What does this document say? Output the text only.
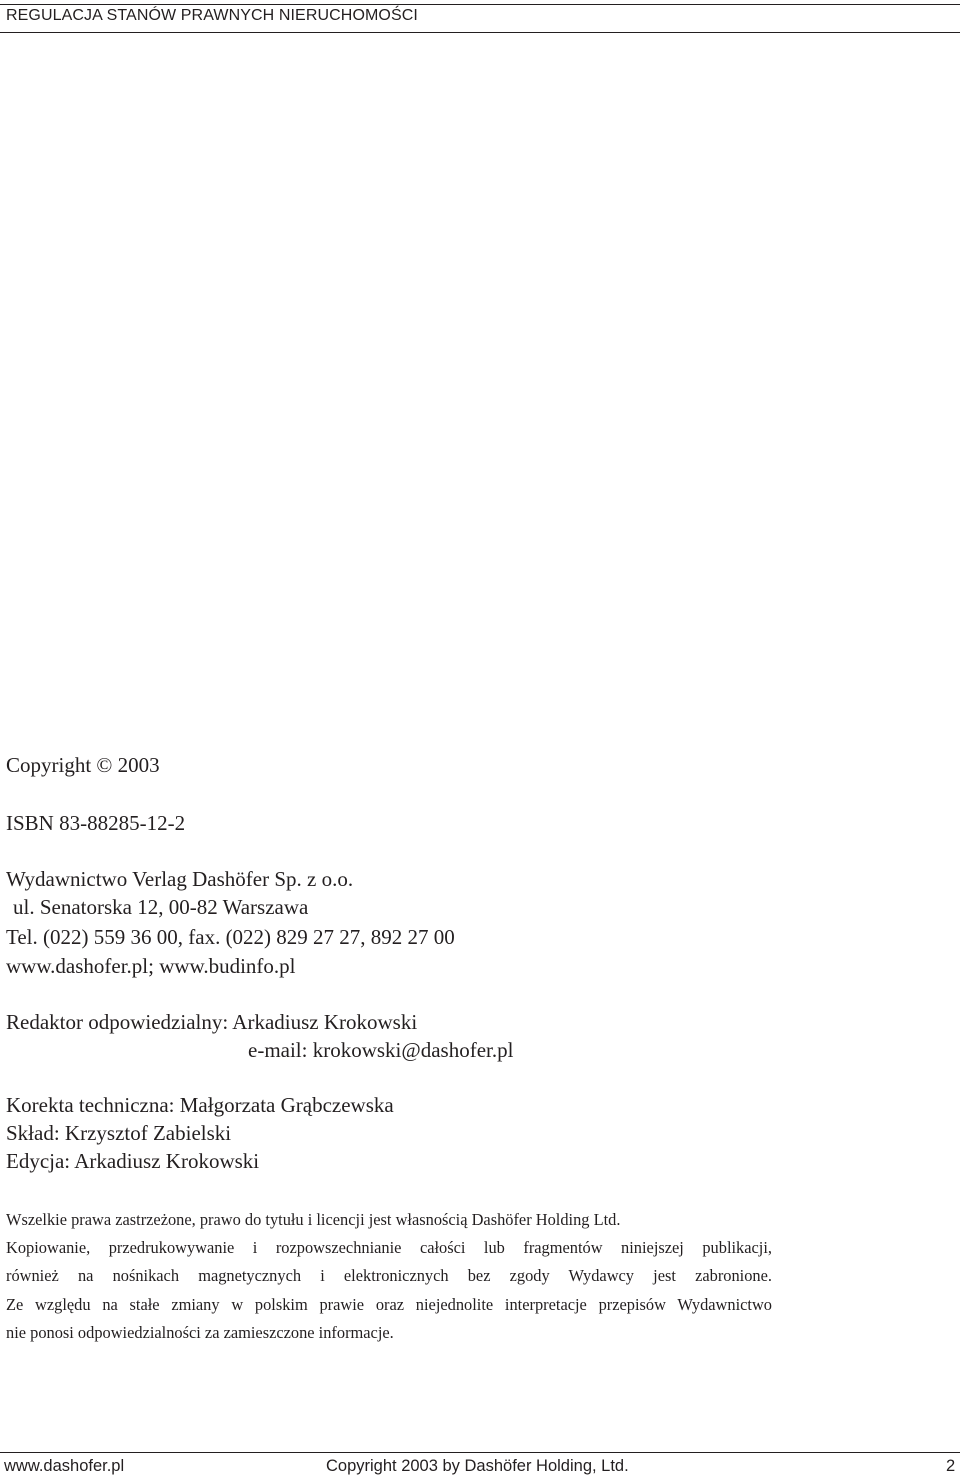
REGULACJA STANÓW PRAWNYCH NIERUCHOMOŚCI
Copyright © 2003
ISBN 83-88285-12-2
Wydawnictwo Verlag Dashöfer Sp. z o.o.
ul. Senatorska 12, 00-82 Warszawa
Tel. (022) 559 36 00, fax. (022) 829 27 27, 892 27 00
www.dashofer.pl; www.budinfo.pl
Redaktor odpowiedzialny: Arkadiusz Krokowski
e-mail: krokowski@dashofer.pl
Korekta techniczna: Małgorzata Grąbczewska
Skład: Krzysztof Zabielski
Edycja: Arkadiusz Krokowski
Wszelkie prawa zastrzeżone, prawo do tytułu i licencji jest własnością Dashöfer Holding Ltd.
Kopiowanie, przedrukowywanie i rozpowszechnianie całości lub fragmentów niniejszej publikacji,
również na nośnikach magnetycznych i elektronicznych bez zgody Wydawcy jest zabronione.
Ze względu na stałe zmiany w polskim prawie oraz niejednolite interpretacje przepisów Wydawnictwo
nie ponosi odpowiedzialności za zamieszczone informacje.
www.dashofer.pl	Copyright 2003 by Dashöfer Holding, Ltd.	2
